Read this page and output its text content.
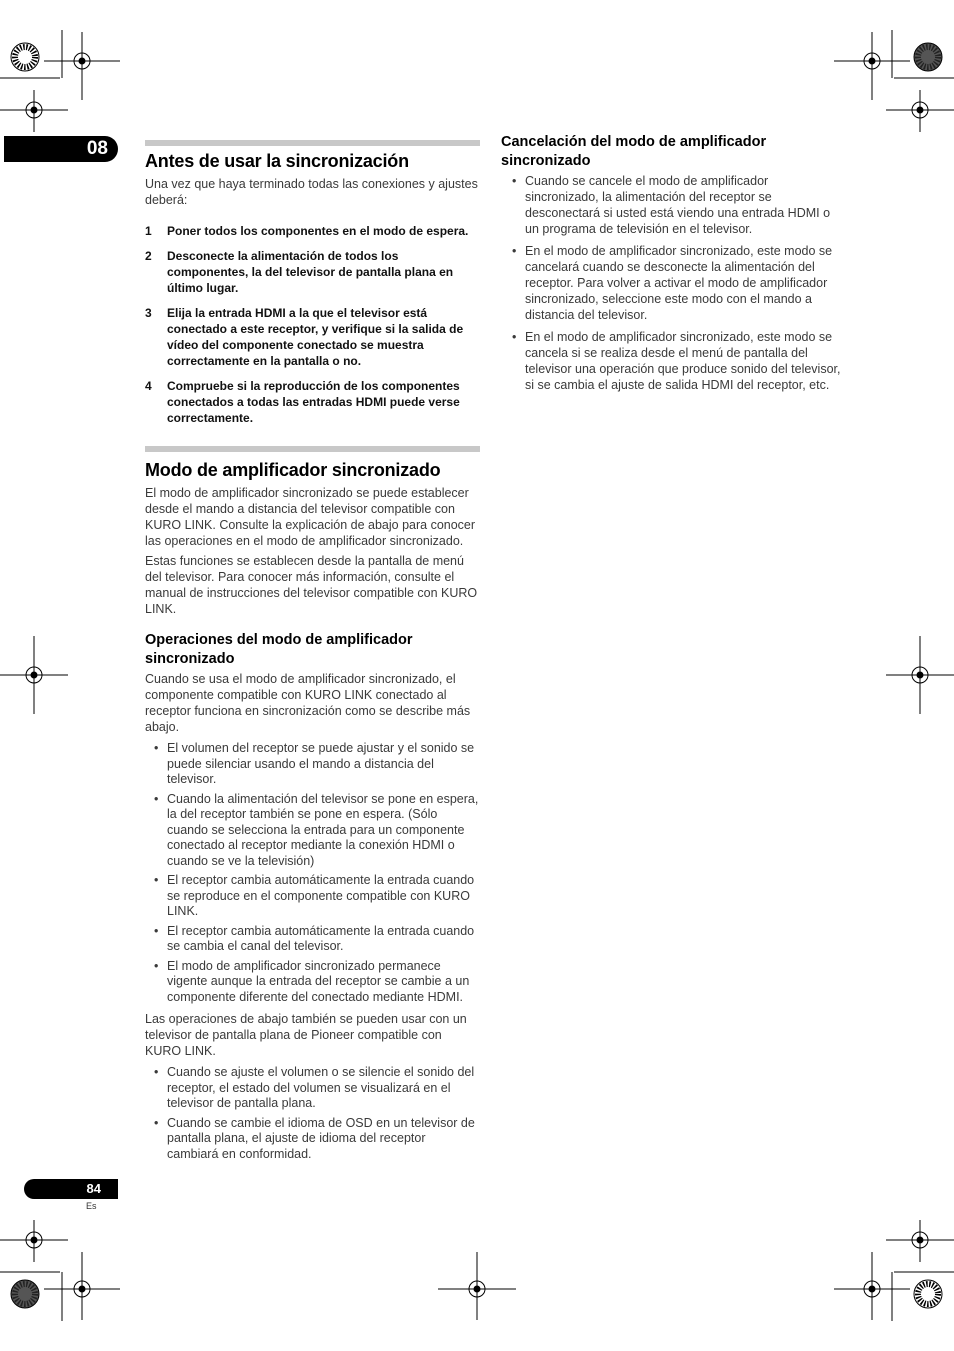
08
84
Es
Antes de usar la sincronización

Una vez que haya terminado todas las conexiones y ajustes deberá:

1	Poner todos los componentes en el modo de espera.
2	Desconecte la alimentación de todos los componentes, la del televisor de pantalla plana en último lugar.
3	Elija la entrada HDMI a la que el televisor está conectado a este receptor, y verifique si la salida de vídeo del componente conectado se muestra correctamente en la pantalla o no.
4	Compruebe si la reproducción de los componentes conectados a todas las entradas HDMI puede verse correctamente.
Modo de amplificador sincronizado

El modo de amplificador sincronizado se puede establecer desde el mando a distancia del televisor compatible con KURO LINK. Consulte la explicación de abajo para conocer las operaciones en el modo de amplificador sincronizado.

Estas funciones se establecen desde la pantalla de menú del televisor. Para conocer más información, consulte el manual de instrucciones del televisor compatible con KURO LINK.

Operaciones del modo de amplificador sincronizado

Cuando se usa el modo de amplificador sincronizado, el componente compatible con KURO LINK conectado al receptor funciona en sincronización como se describe más abajo.

• El volumen del receptor se puede ajustar y el sonido se puede silenciar usando el mando a distancia del televisor.
• Cuando la alimentación del televisor se pone en espera, la del receptor también se pone en espera. (Sólo cuando se selecciona la entrada para un componente conectado al receptor mediante la conexión HDMI o cuando se ve la televisión)
• El receptor cambia automáticamente la entrada cuando se reproduce en el componente compatible con KURO LINK.
• El receptor cambia automáticamente la entrada cuando se cambia el canal del televisor.
• El modo de amplificador sincronizado permanece vigente aunque la entrada del receptor se cambie a un componente diferente del conectado mediante HDMI.

Las operaciones de abajo también se pueden usar con un televisor de pantalla plana de Pioneer compatible con KURO LINK.

• Cuando se ajuste el volumen o se silencie el sonido del receptor, el estado del volumen se visualizará en el televisor de pantalla plana.
• Cuando se cambie el idioma de OSD en un televisor de pantalla plana, el ajuste de idioma del receptor cambiará en conformidad.
Cancelación del modo de amplificador sincronizado
• Cuando se cancele el modo de amplificador sincronizado, la alimentación del receptor se desconectará si usted está viendo una entrada HDMI o un programa de televisión en el televisor.
• En el modo de amplificador sincronizado, este modo se cancelará cuando se desconecte la alimentación del receptor. Para volver a activar el modo de amplificador sincronizado, seleccione este modo con el mando a distancia del televisor.
• En el modo de amplificador sincronizado, este modo se cancela si se realiza desde el menú de pantalla del televisor una operación que produce sonido del televisor, si se cambia el ajuste de salida HDMI del receptor, etc.
